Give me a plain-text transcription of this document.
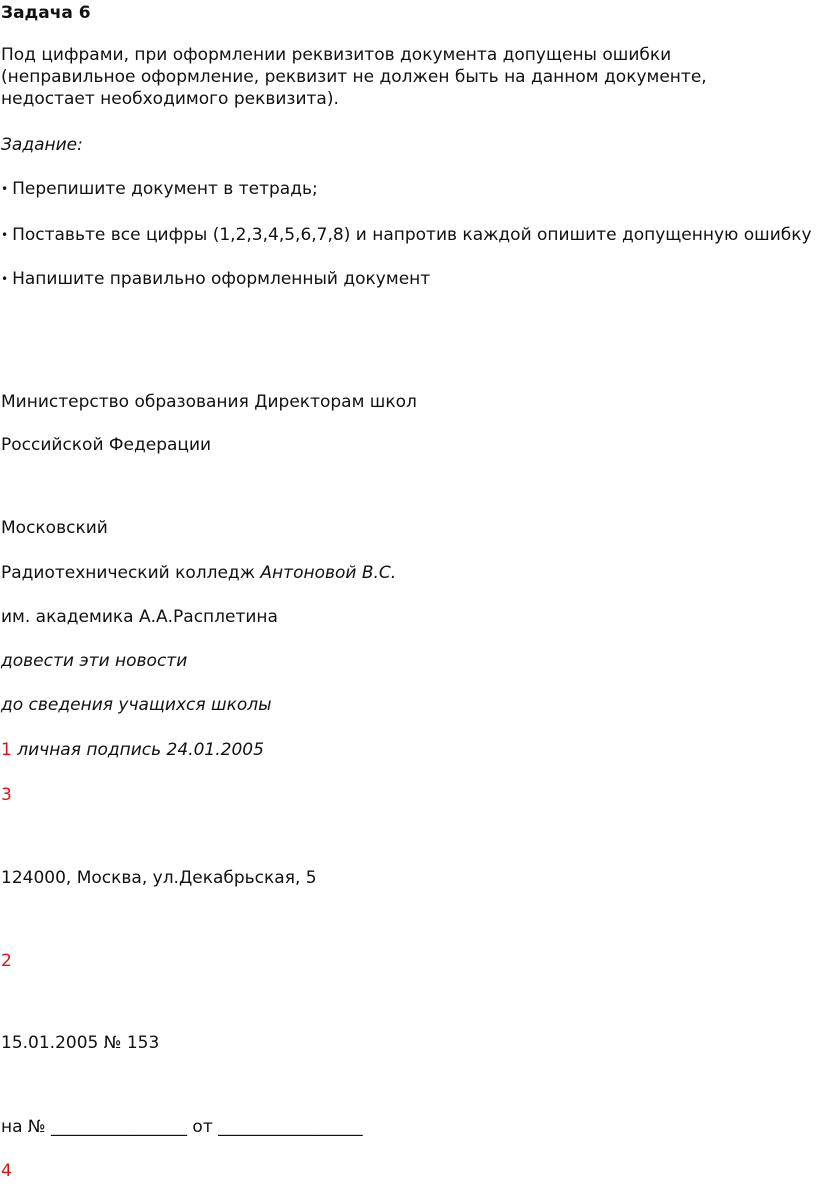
Задача 6
Под цифрами, при оформлении реквизитов документа допущены ошибки (неправильное оформление, реквизит не должен быть на данном документе, недостает необходимого реквизита).
Задание:
• Перепишите документ в тетрадь;
• Поставьте все цифры (1,2,3,4,5,6,7,8) и напротив каждой опишите допущенную ошибку
• Напишите правильно оформленный документ
Министерство образования Директорам школ
Российской Федерации
Московский
Радиотехнический колледж Антоновой В.С.
им. академика А.А.Расплетина
довести эти новости
до сведения учащихся школы
1 личная подпись 24.01.2005
3
124000, Москва, ул.Декабрьская, 5
2
15.01.2005 № 153
на № ________________ от _________________
4
